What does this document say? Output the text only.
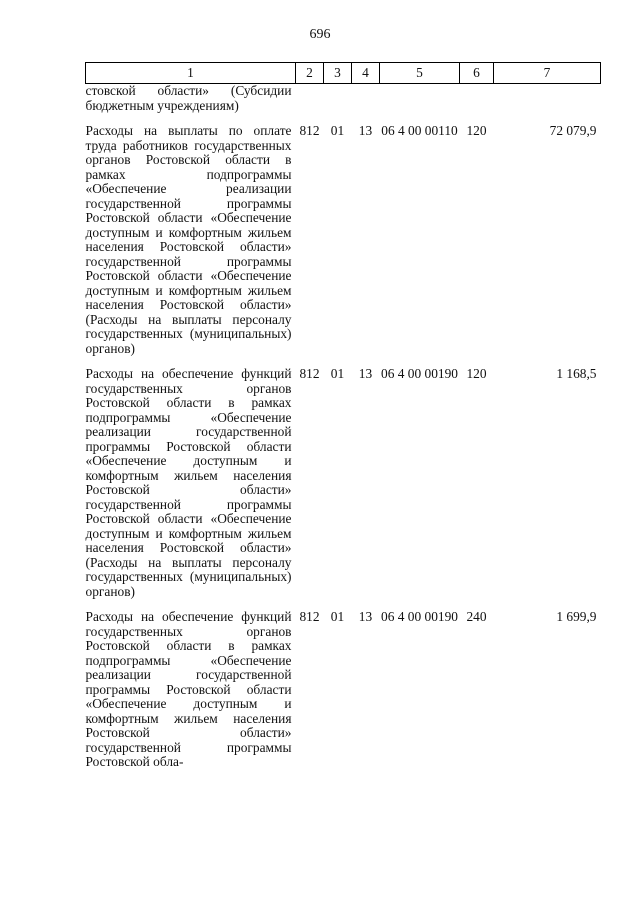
696
1	2	3	4	5	6	7
стовской области» (Субсидии бюджетным учреждениям)						
Расходы на выплаты по оплате труда работников государственных органов Ростовской области в рамках подпрограммы «Обеспечение реализации государственной программы Ростовской области «Обеспечение доступным и комфортным жильем населения Ростовской области» государственной программы Ростовской области «Обеспечение доступным и комфортным жильем населения Ростовской области» (Расходы на выплаты персоналу государственных (муниципальных) органов)	812	01	13	06 4 00 00110	120	72 079,9
Расходы на обеспечение функций государственных органов Ростовской области в рамках подпрограммы «Обеспечение реализации государственной программы Ростовской области «Обеспечение доступным и комфортным жильем населения Ростовской области» государственной программы Ростовской области «Обеспечение доступным и комфортным жильем населения Ростовской области» (Расходы на выплаты персоналу государственных (муниципальных) органов)	812	01	13	06 4 00 00190	120	1 168,5
Расходы на обеспечение функций государственных органов Ростовской области в рамках подпрограммы «Обеспечение реализации государственной программы Ростовской области «Обеспечение доступным и комфортным жильем населения Ростовской области» государственной программы Ростовской обла-	812	01	13	06 4 00 00190	240	1 699,9
